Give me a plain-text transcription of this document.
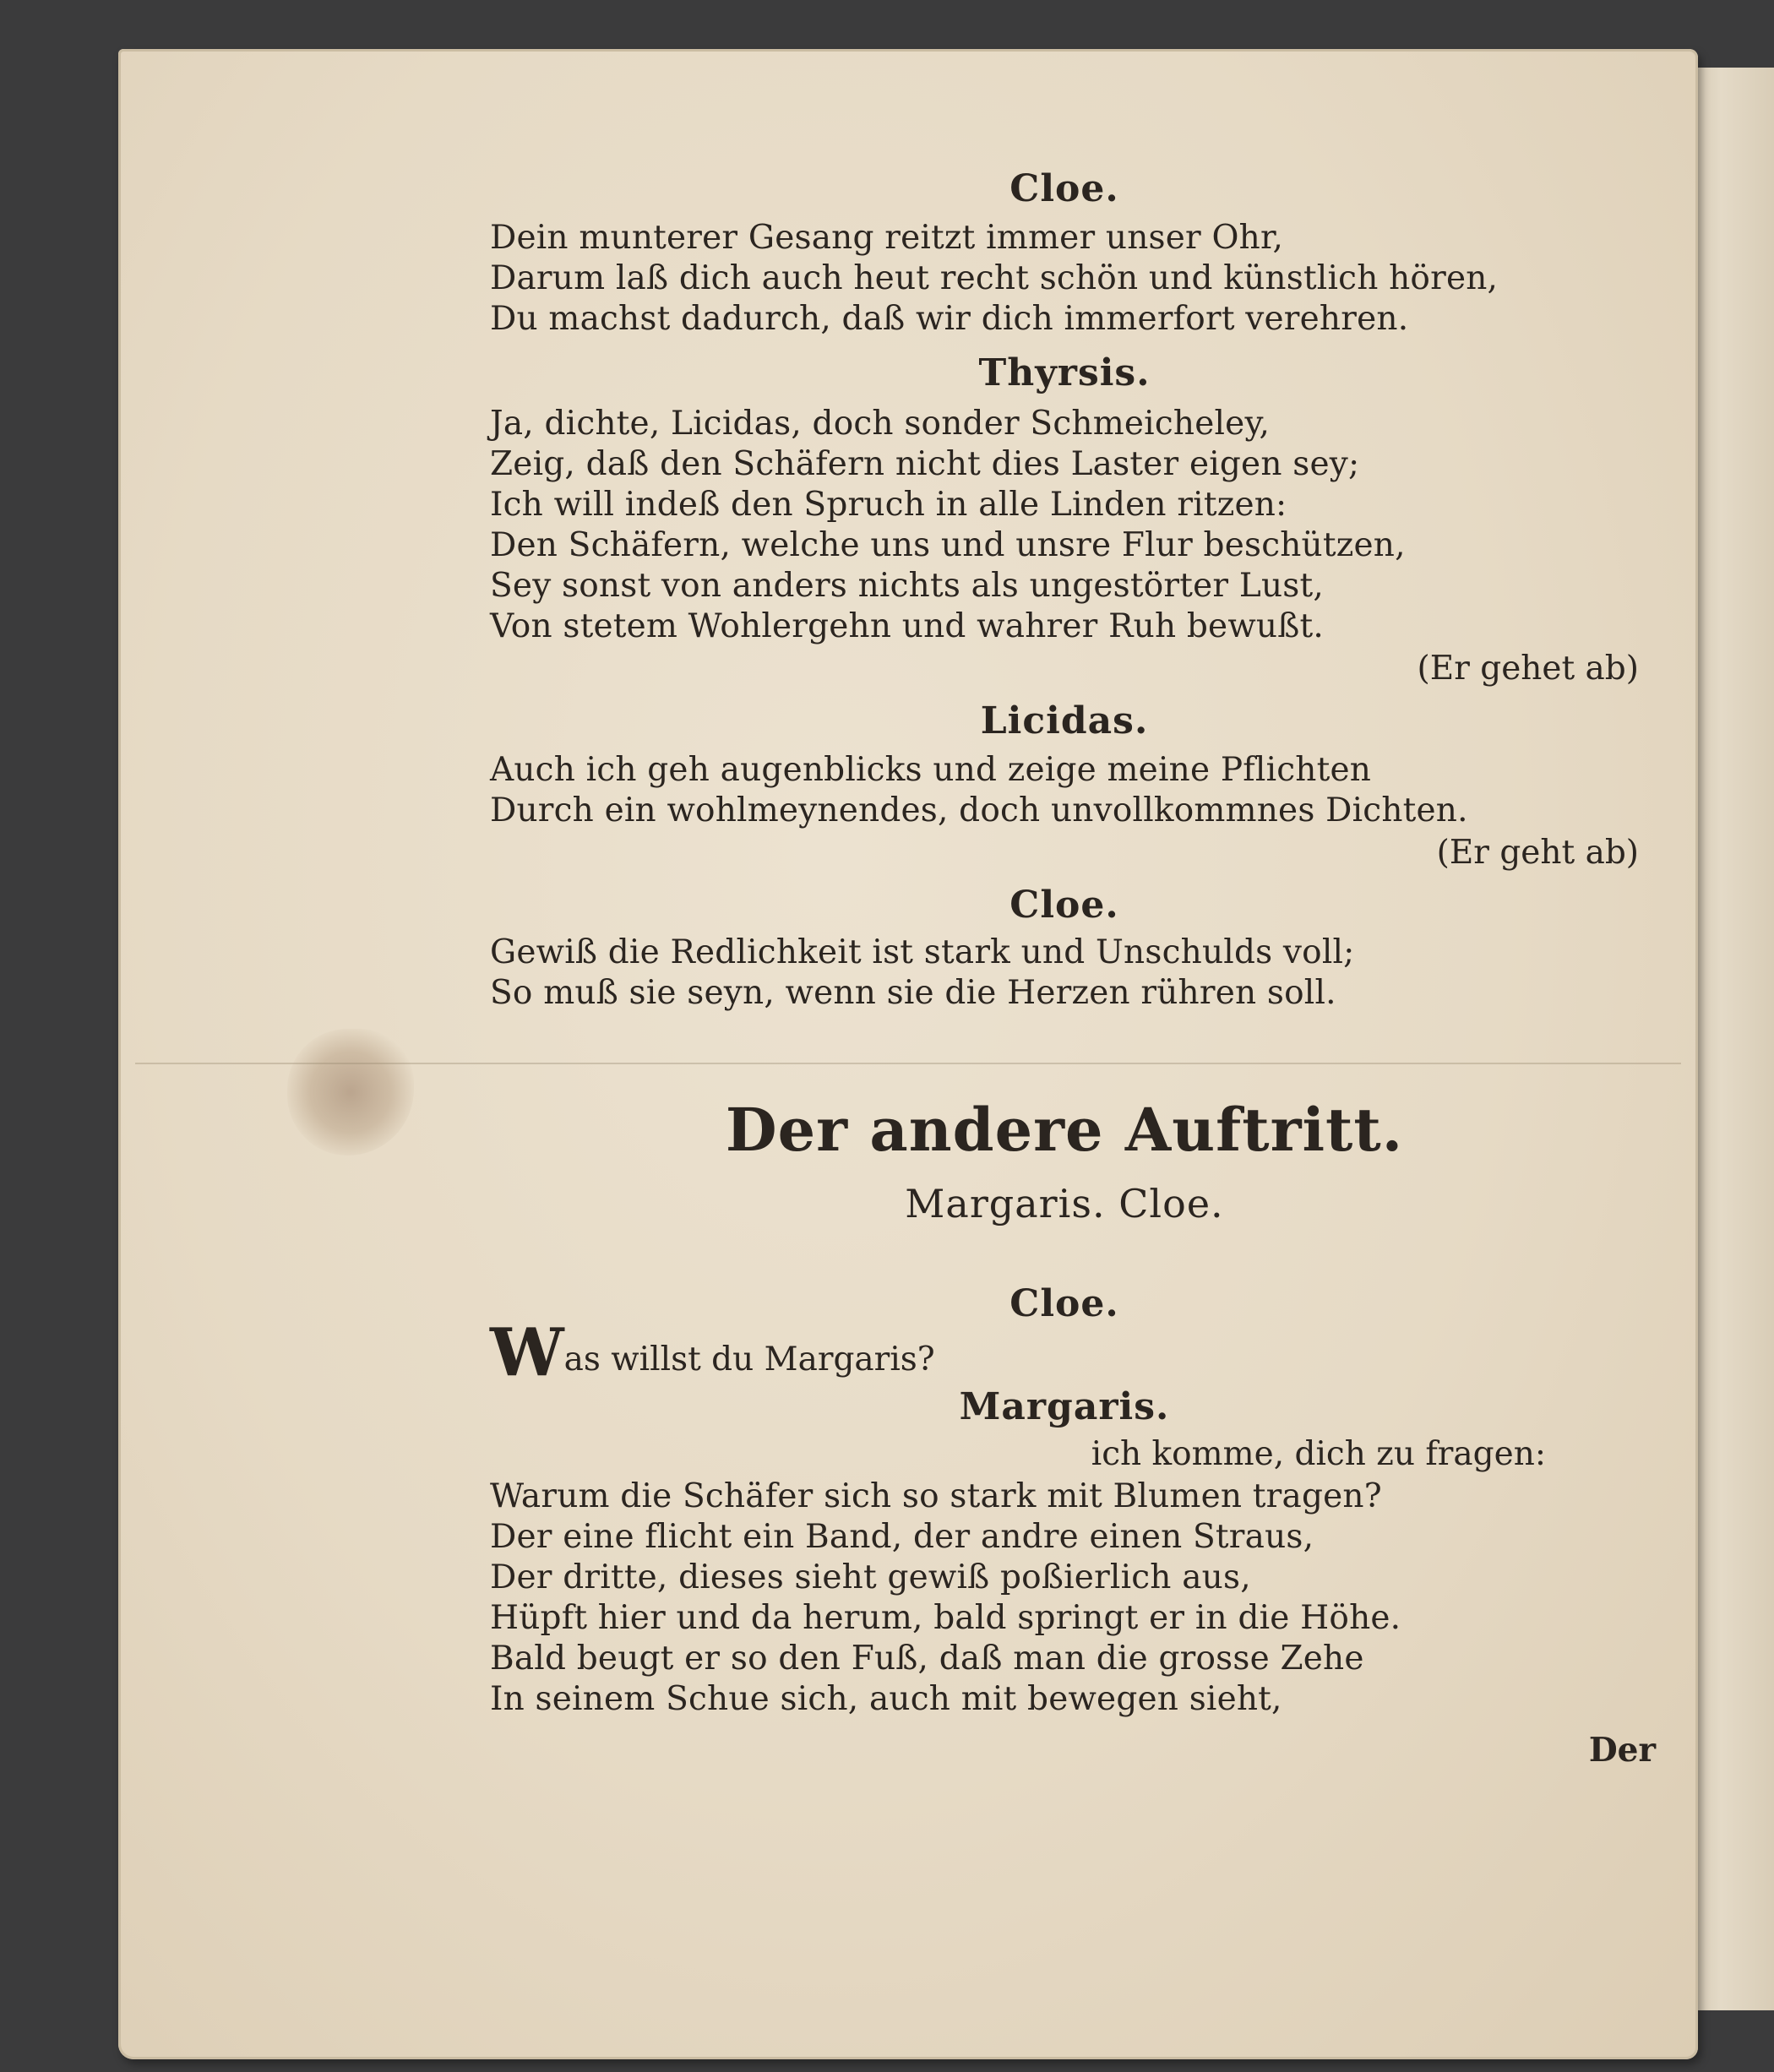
Cloe.
Dein munterer Gesang reitzt immer unser Ohr,
Darum laß dich auch heut recht schön und künstlich hören,
Du machst dadurch, daß wir dich immerfort verehren.
Thyrsis.
Ja, dichte, Licidas, doch sonder Schmeicheley,
Zeig, daß den Schäfern nicht dies Laster eigen sey;
Ich will indeß den Spruch in alle Linden ritzen:
Den Schäfern, welche uns und unsre Flur beschützen,
Sey sonst von anders nichts als ungestörter Lust,
Von stetem Wohlergehn und wahrer Ruh bewußt.
(Er gehet ab)
Licidas.
Auch ich geh augenblicks und zeige meine Pflichten
Durch ein wohlmeynendes, doch unvollkommnes Dichten.
(Er geht ab)
Cloe.
Gewiß die Redlichkeit ist stark und Unschulds voll;
So muß sie seyn, wenn sie die Herzen rühren soll.
Der andere Auftritt.
Margaris. Cloe.
Cloe.
Was willst du Margaris?
Margaris.
ich komme, dich zu fragen:
Warum die Schäfer sich so stark mit Blumen tragen?
Der eine flicht ein Band, der andre einen Straus,
Der dritte, dieses sieht gewiß poßierlich aus,
Hüpft hier und da herum, bald springt er in die Höhe.
Bald beugt er so den Fuß, daß man die grosse Zehe
In seinem Schue sich, auch mit bewegen sieht,
Der
